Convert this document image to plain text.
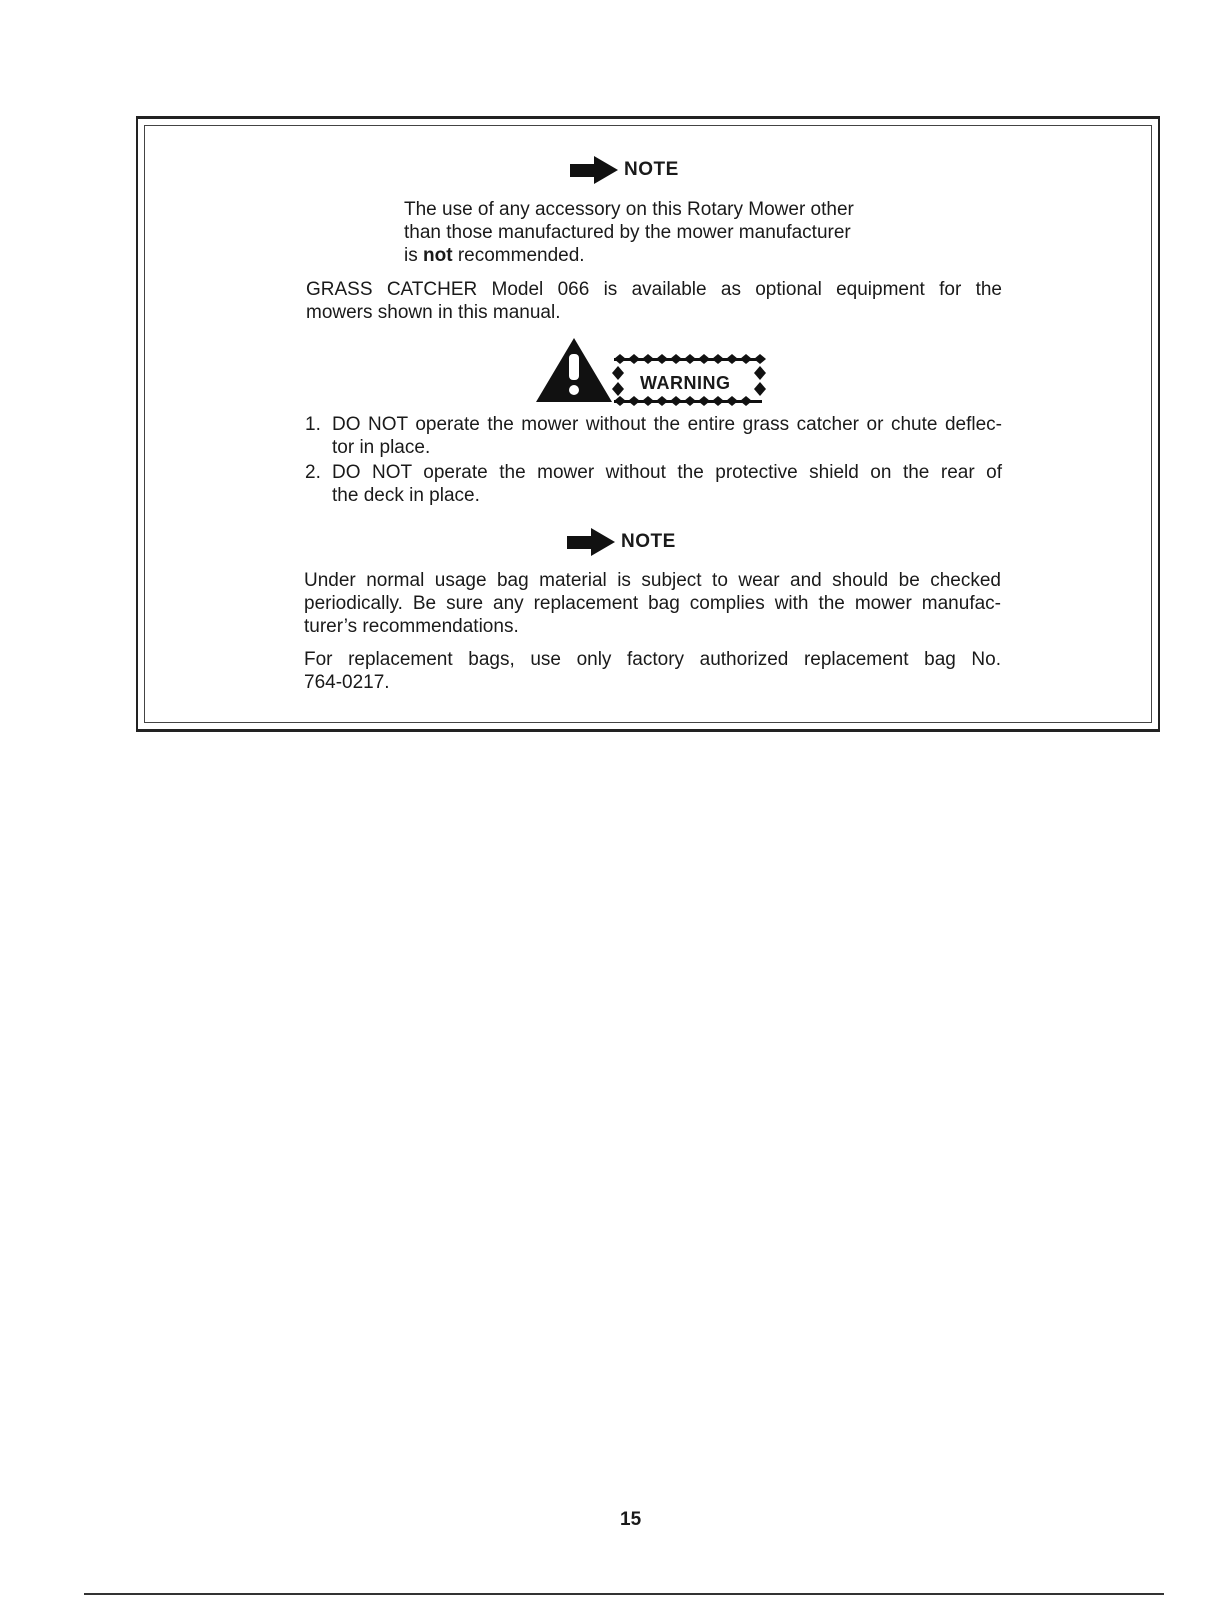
NOTE
The use of any accessory on this Rotary Mower other
than those manufactured by the mower manufacturer
is not recommended.
GRASS CATCHER Model 066 is available as optional equipment for the
mowers shown in this manual.
WARNING
1. DO NOT operate the mower without the entire grass catcher or chute deflec-
tor in place.
2. DO NOT operate the mower without the protective shield on the rear of
the deck in place.
NOTE
Under normal usage bag material is subject to wear and should be checked
periodically. Be sure any replacement bag complies with the mower manufac-
turer’s recommendations.
For replacement bags, use only factory authorized replacement bag No.
764-0217.
15
